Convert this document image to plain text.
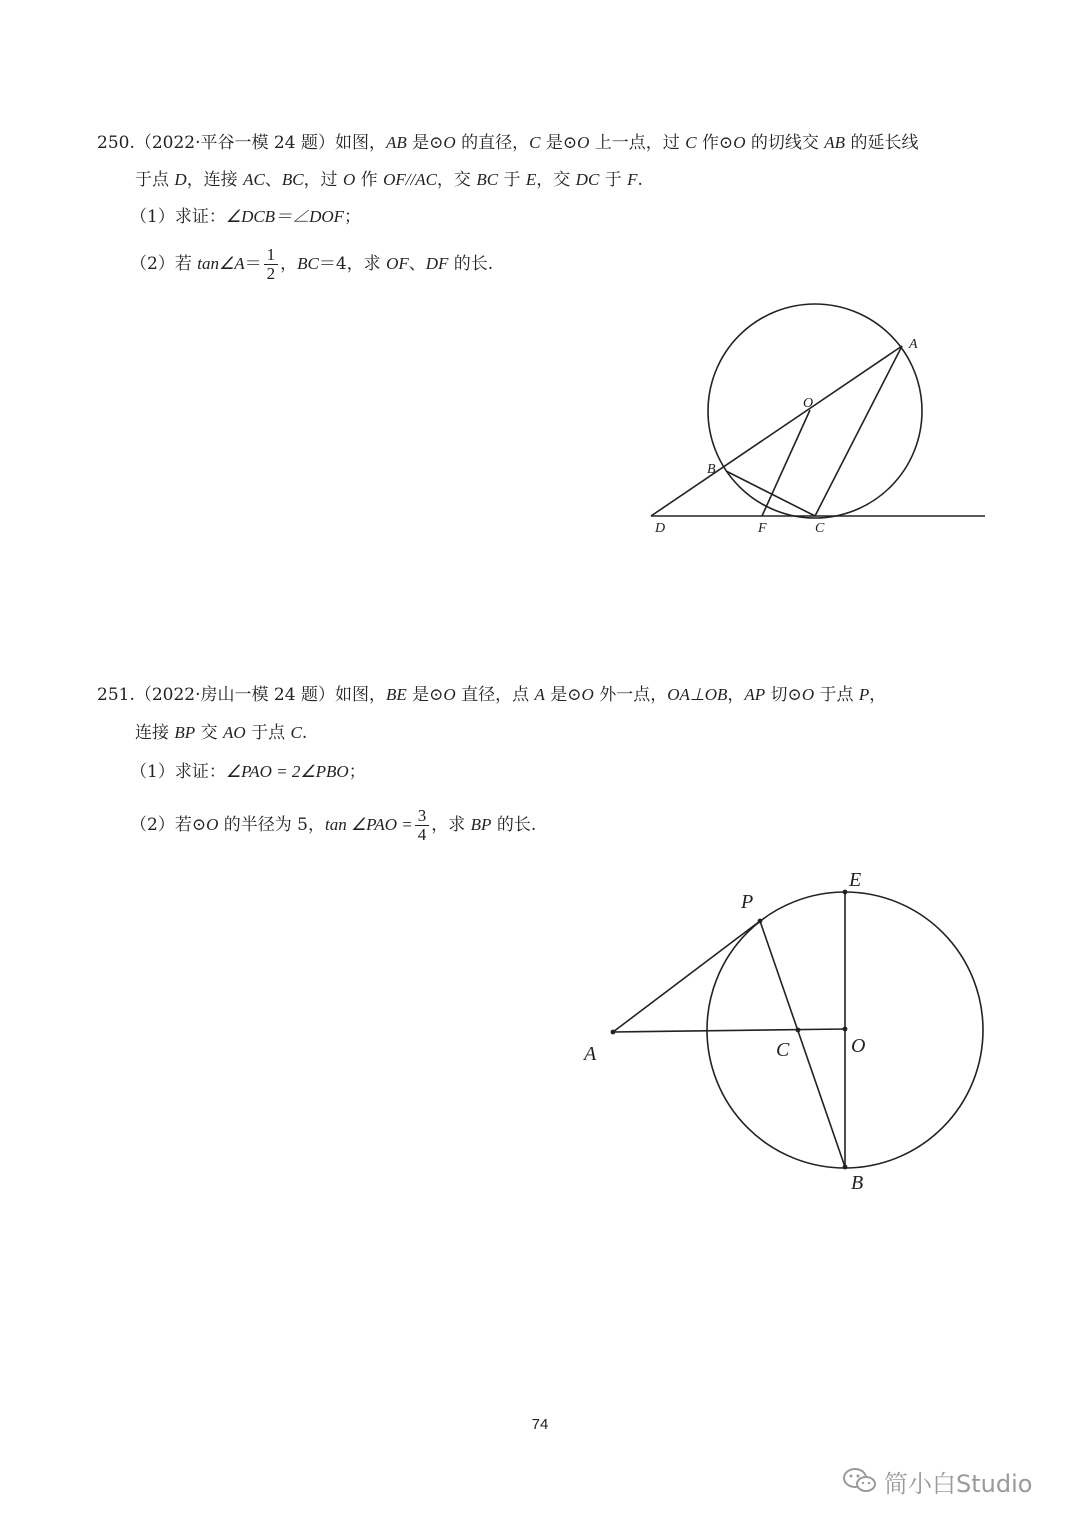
250.（2022·平谷一模 24 题）如图，AB 是⊙O 的直径，C 是⊙O 上一点，过 C 作⊙O 的切线交 AB 的延长线
于点 D，连接 AC、BC，过 O 作 OF//AC，交 BC 于 E，交 DC 于 F.
（1）求证：∠DCB＝∠DOF；
（2）若 tan∠A＝ $\frac{1}{2}$ ，BC＝4，求 OF、DF 的长.
A
O
B
D	F	C
251.（2022·房山一模 24 题）如图，BE 是⊙O 直径，点 A 是⊙O 外一点，OA⊥OB，AP 切⊙O 于点 P，
连接 BP 交 AO 于点 C.
（1）求证：∠PAO = 2∠PBO；
（2）若⊙O 的半径为 5，tan ∠PAO = $\frac{3}{4}$ ，求 BP 的长.
E
P
A	C	O
B
74
简小白Studio
